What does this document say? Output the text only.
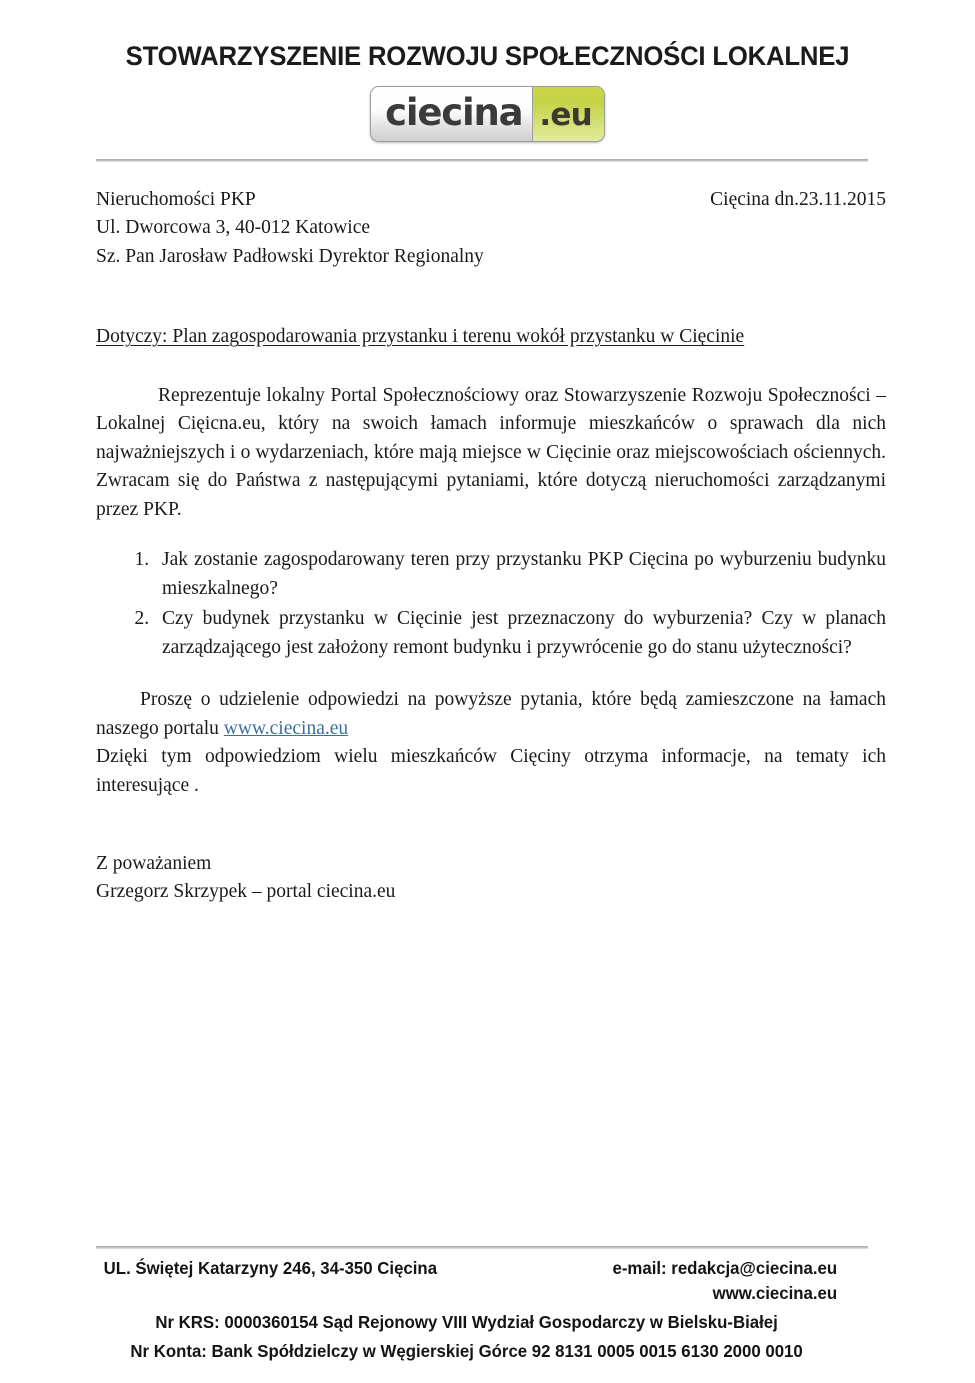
STOWARZYSZENIE ROZWOJU SPOŁECZNOŚCI LOKALNEJ
ciecina .eu
Nieruchomości PKP
Ul. Dworcowa 3, 40-012 Katowice
Sz. Pan Jarosław Padłowski Dyrektor Regionalny
Cięcina dn.23.11.2015
Dotyczy: Plan zagospodarowania przystanku i terenu wokół przystanku w Cięcinie

Reprezentuje lokalny Portal Społecznościowy oraz Stowarzyszenie Rozwoju Społeczności – Lokalnej Cięicna.eu, który na swoich łamach informuje mieszkańców o sprawach dla nich najważniejszych i o wydarzeniach, które mają miejsce w Cięcinie oraz miejscowościach ościennych. Zwracam się do Państwa z następującymi pytaniami, które dotyczą nieruchomości zarządzanymi przez PKP.

1. Jak zostanie zagospodarowany teren przy przystanku PKP Cięcina po wyburzeniu budynku mieszkalnego?
2. Czy budynek przystanku w Cięcinie jest przeznaczony do wyburzenia? Czy w planach zarządzającego jest założony remont budynku i przywrócenie go do stanu użyteczności?

Proszę o udzielenie odpowiedzi na powyższe pytania, które będą zamieszczone na łamach naszego portalu www.ciecina.eu

Dzięki tym odpowiedziom wielu mieszkańców Cięciny otrzyma informacje, na tematy ich interesujące .

Z poważaniem
Grzegorz Skrzypek – portal ciecina.eu
UL. Świętej Katarzyny 246, 34-350 Cięcina	e-mail: redakcja@ciecina.eu
www.ciecina.eu
Nr KRS: 0000360154 Sąd Rejonowy VIII Wydział Gospodarczy w Bielsku-Białej
Nr Konta: Bank Spółdzielczy w Węgierskiej Górce 92 8131 0005 0015 6130 2000 0010
